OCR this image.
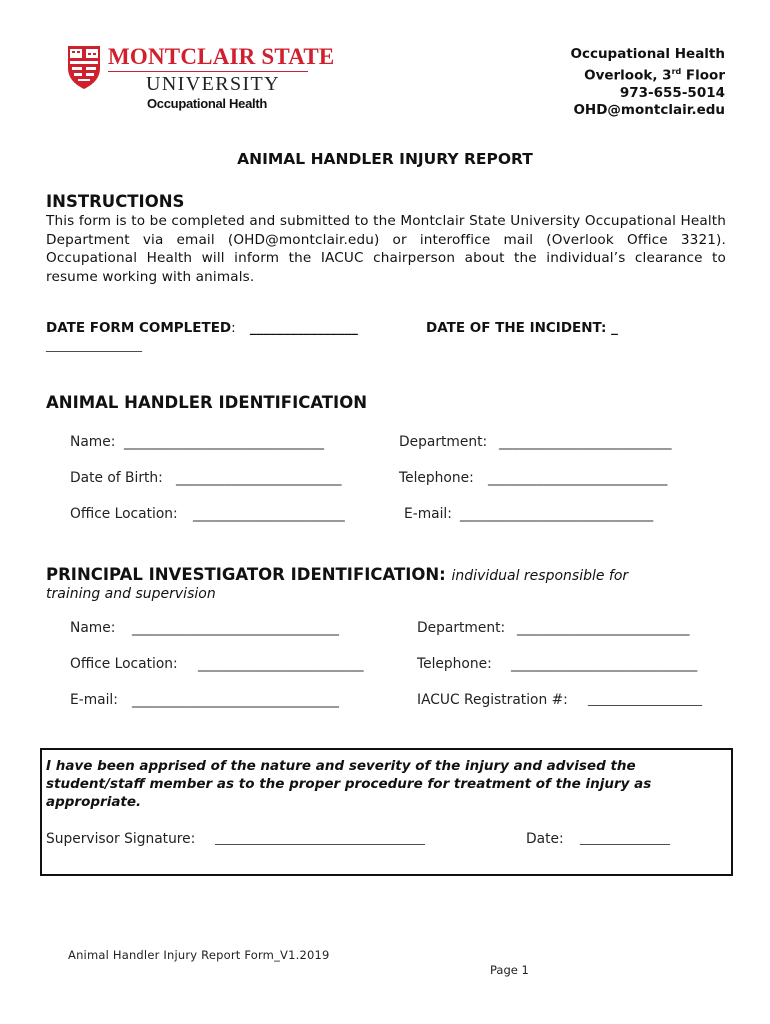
MONTCLAIR STATE
UNIVERSITY
Occupational Health
Occupational Health
Overlook, 3rd Floor
973-655-5014
OHD@montclair.edu
ANIMAL HANDLER INJURY REPORT
INSTRUCTIONS
This form is to be completed and submitted to the Montclair State University Occupational Health Department via email (OHD@montclair.edu) or interoffice mail (Overlook Office 3321). Occupational Health will inform the IACUC chairperson about the individual’s clearance to resume working with animals.
DATE FORM COMPLETED: ________________	DATE OF THE INCIDENT: _
________________
ANIMAL HANDLER IDENTIFICATION
Name: _____________________________	Department: _________________________
Date of Birth: ________________________	Telephone: __________________________
Office Location: ______________________	E-mail: ____________________________
PRINCIPAL INVESTIGATOR IDENTIFICATION: individual responsible for
training and supervision
Name: ______________________________	Department: _________________________
Office Location: ________________________	Telephone: ___________________________
E-mail: ______________________________	IACUC Registration #: ___________________
I have been apprised of the nature and severity of the injury and advised the student/staff member as to the proper procedure for treatment of the injury as appropriate.
Supervisor Signature: ___________________________________	Date: _______________
Animal Handler Injury Report Form_V1.2019
Page 1
